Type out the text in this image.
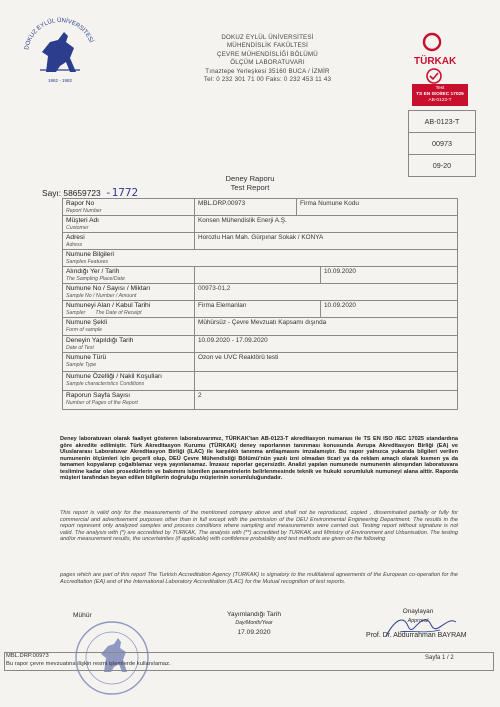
DOKUZ EYLÜL ÜNİVERSİTESİ
1982 - 1982
DOKUZ EYLÜL ÜNİVERSİTESİ
MÜHENDİSLİK FAKÜLTESİ
ÇEVRE MÜHENDİSLİĞİ BÖLÜMÜ
ÖLÇÜM LABORATUVARI
Tınaztepe Yerleşkesi 35160 BUCA / İZMİR
Tel: 0 232 301 71 00 Faks: 0 232 453 11 43
TÜRKAK
Test
TS EN ISO/IEC 17025
AB-0123-T
AB-0123-T
00973
09-20
Deney Raporu
Test Report
Sayı: 58659723 -1772
Rapor No
Report Number	MBL.DRP.00973	Firma Numune Kodu	

Müşteri Adı
Customer	Konsen Mühendislik Enerji A.Ş.		

Adresi
Adress	Horozlu Han Mah. Gürpınar Sokak / KONYA		

Numune Bilgileri
Samples Features			

Alındığı Yer / Tarih
The Sampling Place/Date			10.09.2020

Numune No / Sayısı / Miktarı
Sample No / Number / Amount	00973-01,2		

Numuneyi Alan / Kabul Tarihi
Sampler The Date of Receipt	Firma Elemanları		10.09.2020

Numune Şekli
Form of sample	Mühürsüz - Çevre Mevzuatı Kapsamı dışında		

Deneyin Yapıldığı Tarih
Date of Test	10.09.2020 - 17.09.2020		

Numune Türü
Sample Type	Ozon ve UVC Reaktörü testi		

Numune Özelliği / Nakil Koşulları
Sample characteristics Conditions			

Raporun Sayfa Sayısı
Number of Pages of the Report	2		
Deney laboratuvarı olarak faaliyet gösteren laboratuvarımız, TÜRKAK'tan AB-0123-T akreditasyon numarası ile TS EN ISO /IEC 17025 standardına göre akredite edilmiştir. Türk Akreditasyon Kurumu (TÜRKAK) deney raporlarının tanınması konusunda Avrupa Akreditasyon Birliği (EA) ve Uluslararası Laboratuvar Akreditasyon Birliği (ILAC) ile karşılıklı tanınma antlaşmasını imzalamıştır. Bu rapor yalnızca yukarıda bilgileri verilen numunenin ölçümleri için geçerli olup, DEÜ Çevre Mühendisliği Bölümü'nün yazılı izni olmadan ticari ya da reklam amaçlı olarak kısmen ya da tamamen kopyalanıp çoğaltılamaz veya yayınlanamaz. İmzasız raporlar geçersizdir. Analizi yapılan numunede numunenin alınışından laboratuvara teslimine kadar olan prosedürlerin ve bakımını istenilen parametrelerin belirlenmesinde teknik ve hukuki sorumluluk numuneyi alana aittir. Raporda müşteri tarafından beyan edilen bilgilerin doğruluğu müşterinin sorumluluğundadır.
This report is valid only for the measurements of the mentioned company above and shall not be reproduced, copied , disseminated partially or fully for commercial and advertisement purposes other than in full except with the permission of the DEU Environmental Engineering Department. The results in the report represent only analyzed samples and process conditions where sampling and measurements were carried out. Testing report without signature is not valid. The analysis with (*) are accredited by TURKAK, The analysis with (**) accredited by TURKAK and Ministry of Environment and Urbanisation. The testing and/or measurement results, the uncertainties (if applicable) with confidence probability and test methods are given on the following
pages which are part of this report The Turkish Accreditation Agency (TURKAK) is signatory to the multilateral agreements of the European co-operation for the Accreditation (EA) and of the International Laboratory Accreditation (ILAC) for the Mutual recognition of test reports.
Mühür	Yayımlandığı Tarih
Day/Month/Year
17.09.2020
Onaylayan
Approval
Prof. Dr. Abdurrahman BAYRAM
MBL.DRP.00973
Bu rapor çevre mevzuatına ilişkin resmi işlemlerde kullanılamaz.
Sayfa 1 / 2
